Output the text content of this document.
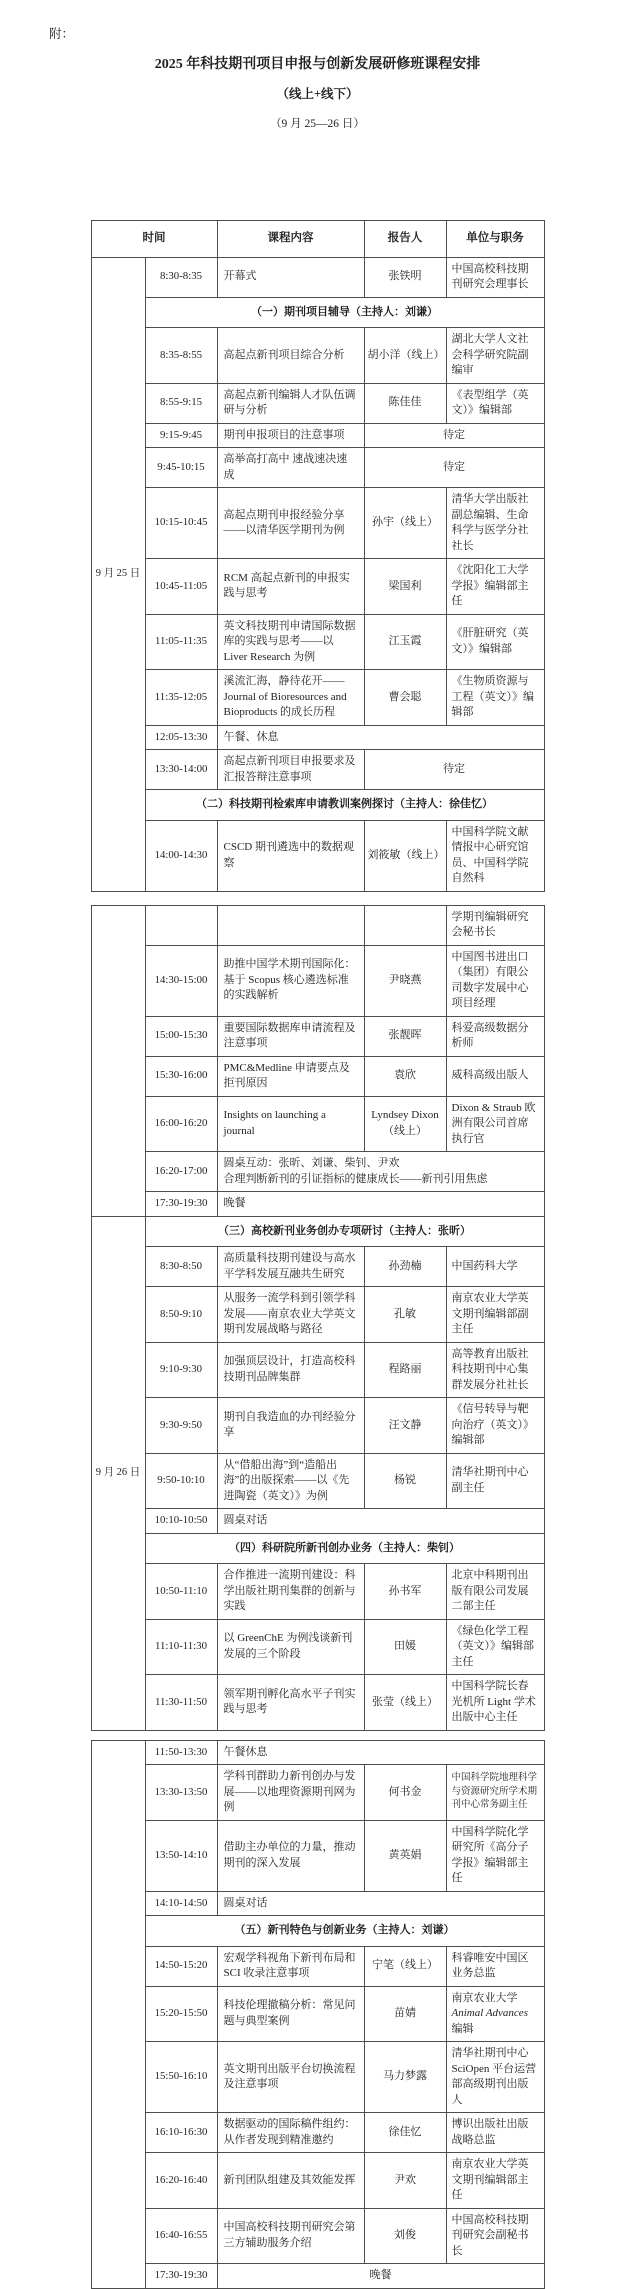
附：
2025 年科技期刊项目申报与创新发展研修班课程安排
（线上+线下）
（9 月 25—26 日）
时间		课程内容	报告人	单位与职务
9 月 25 日	8:30-8:35	开幕式	张铁明	中国高校科技期刊研究会理事长
	（一）期刊项目辅导（主持人：刘谦）			
	8:35-8:55	高起点新刊项目综合分析	胡小洋（线上）	湖北大学人文社会科学研究院副编审
	8:55-9:15	高起点新刊编辑人才队伍调研与分析	陈佳佳	《表型组学（英文）》编辑部
	9:15-9:45	期刊申报项目的注意事项	待定	
	9:45-10:15	高举高打高中 速战速决速成	待定	
	10:15-10:45	高起点期刊申报经验分享——以清华医学期刊为例	孙宇（线上）	清华大学出版社副总编辑、生命科学与医学分社社长
	10:45-11:05	RCM 高起点新刊的申报实践与思考	梁国利	《沈阳化工大学学报》编辑部主任
	11:05-11:35	英文科技期刊申请国际数据库的实践与思考——以 Liver Research 为例	江玉霞	《肝脏研究（英文）》编辑部
	11:35-12:05	溪流汇海，静待花开——Journal of Bioresources and Bioproducts 的成长历程	曹会聪	《生物质资源与工程（英文）》编辑部
	12:05-13:30	午餐、休息		
	13:30-14:00	高起点新刊项目申报要求及汇报答辩注意事项	待定	
	（二）科技期刊检索库申请教训案例探讨（主持人：徐佳忆）			
	14:00-14:30	CSCD 期刊遴选中的数据观察	刘筱敏（线上）	中国科学院文献情报中心研究馆员、中国科学院自然科
				学期刊编辑研究会秘书长
	14:30-15:00	助推中国学术期刊国际化：基于 Scopus 核心遴选标准的实践解析	尹晓燕	中国图书进出口（集团）有限公司数字发展中心项目经理
	15:00-15:30	重要国际数据库申请流程及注意事项	张靓晖	科爱高级数据分析师
	15:30-16:00	PMC&Medline 申请要点及拒刊原因	袁欣	威科高级出版人
	16:00-16:20	Insights on launching a journal	Lyndsey Dixon（线上）	Dixon & Straub 欧洲有限公司首席执行官
	16:20-17:00	圆桌互动：张昕、刘谦、柴钊、尹欢
合理判断新刊的引证指标的健康成长——新刊引用焦虑		

	17:30-19:30	晚餐		
9 月 26 日	（三）高校新刊业务创办专项研讨（主持人：张昕）			
	8:30-8:50	高质量科技期刊建设与高水平学科发展互融共生研究	孙劲楠	中国药科大学
	8:50-9:10	从服务一流学科到引领学科发展——南京农业大学英文期刊发展战略与路径	孔敏	南京农业大学英文期刊编辑部副主任
	9:10-9:30	加强顶层设计，打造高校科技期刊品牌集群	程路丽	高等教育出版社科技期刊中心集群发展分社社长
	9:30-9:50	期刊自我造血的办刊经验分享	汪文静	《信号转导与靶向治疗（英文）》编辑部
	9:50-10:10	从“借船出海”到“造船出海”的出版探索——以《先进陶瓷（英文）》为例	杨锐	清华社期刊中心副主任
	10:10-10:50	圆桌对话		
	（四）科研院所新刊创办业务（主持人：柴钊）			
	10:50-11:10	合作推进一流期刊建设：科学出版社期刊集群的创新与实践	孙书军	北京中科期刊出版有限公司发展二部主任
	11:10-11:30	以 GreenChE 为例浅谈新刊发展的三个阶段	田媛	《绿色化学工程（英文）》编辑部主任
	11:30-11:50	领军期刊孵化高水平子刊实践与思考	张莹（线上）	中国科学院长春光机所 Light 学术出版中心主任
	11:50-13:30	午餐休息		
	13:30-13:50	学科刊群助力新刊创办与发展——以地理资源期刊网为例	何书金	中国科学院地理科学与资源研究所学术期刊中心常务副主任
	13:50-14:10	借助主办单位的力量，推动期刊的深入发展	黄英娟	中国科学院化学研究所《高分子学报》编辑部主任
	14:10-14:50	圆桌对话		
	（五）新刊特色与创新业务（主持人：刘谦）			
	14:50-15:20	宏观学科视角下新刊布局和 SCI 收录注意事项	宁笔（线上）	科睿唯安中国区业务总监
	15:20-15:50	科技伦理撤稿分析：常见问题与典型案例	苗婧	南京农业大学 Animal Advances 编辑
	15:50-16:10	英文期刊出版平台切换流程及注意事项	马力梦露	清华社期刊中心 SciOpen 平台运营部高级期刊出版人
	16:10-16:30	数据驱动的国际稿件组约：从作者发现到精准邀约	徐佳忆	博识出版社出版战略总监
	16:20-16:40	新刊团队组建及其效能发挥	尹欢	南京农业大学英文期刊编辑部主任
	16:40-16:55	中国高校科技期刊研究会第三方辅助服务介绍	刘俊	中国高校科技期刊研究会副秘书长
	17:30-19:30	晚餐		
